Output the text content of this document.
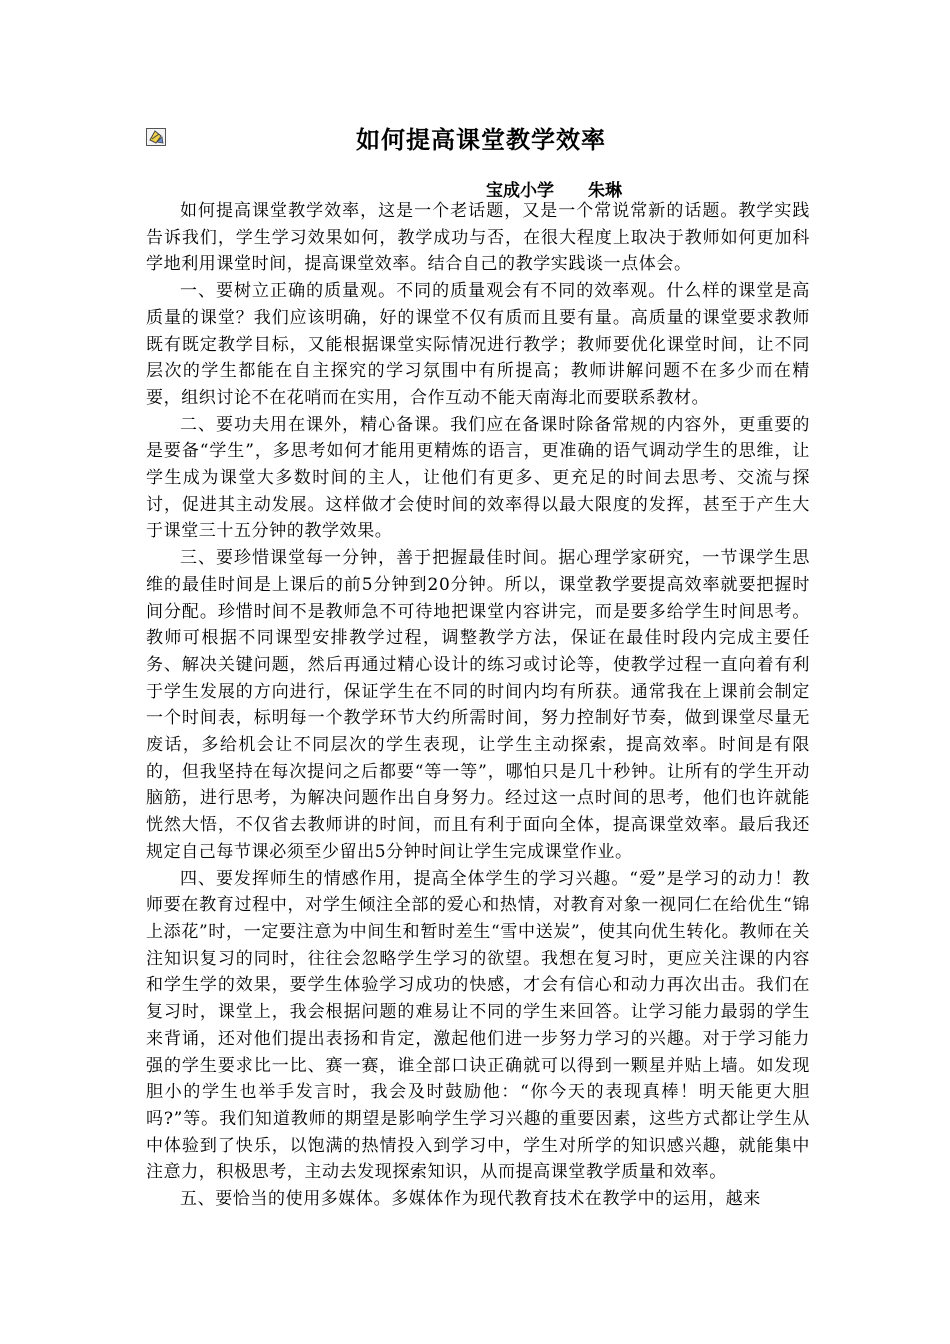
如何提高课堂教学效率
宝成小学　　朱琳

如何提高课堂教学效率，这是一个老话题，又是一个常说常新的话题。教学实践告诉我们，学生学习效果如何，教学成功与否，在很大程度上取决于教师如何更加科学地利用课堂时间，提高课堂效率。结合自己的教学实践谈一点体会。

一、要树立正确的质量观。不同的质量观会有不同的效率观。什么样的课堂是高质量的课堂？我们应该明确，好的课堂不仅有质而且要有量。高质量的课堂要求教师既有既定教学目标，又能根据课堂实际情况进行教学；教师要优化课堂时间，让不同层次的学生都能在自主探究的学习氛围中有所提高；教师讲解问题不在多少而在精要，组织讨论不在花哨而在实用，合作互动不能天南海北而要联系教材。

二、要功夫用在课外，精心备课。我们应在备课时除备常规的内容外，更重要的是要备“学生”，多思考如何才能用更精炼的语言，更准确的语气调动学生的思维，让学生成为课堂大多数时间的主人，让他们有更多、更充足的时间去思考、交流与探讨，促进其主动发展。这样做才会使时间的效率得以最大限度的发挥，甚至于产生大于课堂三十五分钟的教学效果。

三、要珍惜课堂每一分钟，善于把握最佳时间。据心理学家研究，一节课学生思维的最佳时间是上课后的前5分钟到20分钟。所以，课堂教学要提高效率就要把握时间分配。珍惜时间不是教师急不可待地把课堂内容讲完，而是要多给学生时间思考。教师可根据不同课型安排教学过程，调整教学方法，保证在最佳时段内完成主要任务、解决关键问题，然后再通过精心设计的练习或讨论等，使教学过程一直向着有利于学生发展的方向进行，保证学生在不同的时间内均有所获。通常我在上课前会制定一个时间表，标明每一个教学环节大约所需时间，努力控制好节奏，做到课堂尽量无废话，多给机会让不同层次的学生表现，让学生主动探索，提高效率。时间是有限的，但我坚持在每次提问之后都要“等一等”，哪怕只是几十秒钟。让所有的学生开动脑筋，进行思考，为解决问题作出自身努力。经过这一点时间的思考，他们也许就能恍然大悟，不仅省去教师讲的时间，而且有利于面向全体，提高课堂效率。最后我还规定自己每节课必须至少留出5分钟时间让学生完成课堂作业。

四、要发挥师生的情感作用，提高全体学生的学习兴趣。“爱”是学习的动力！教师要在教育过程中，对学生倾注全部的爱心和热情，对教育对象一视同仁在给优生“锦上添花”时，一定要注意为中间生和暂时差生“雪中送炭”，使其向优生转化。教师在关注知识复习的同时，往往会忽略学生学习的欲望。我想在复习时，更应关注课的内容和学生学的效果，要学生体验学习成功的快感，才会有信心和动力再次出击。我们在复习时，课堂上，我会根据问题的难易让不同的学生来回答。让学习能力最弱的学生来背诵，还对他们提出表扬和肯定，激起他们进一步努力学习的兴趣。对于学习能力强的学生要求比一比、赛一赛，谁全部口诀正确就可以得到一颗星并贴上墙。如发现胆小的学生也举手发言时，我会及时鼓励他：“你今天的表现真棒！明天能更大胆吗?”等。我们知道教师的期望是影响学生学习兴趣的重要因素，这些方式都让学生从中体验到了快乐，以饱满的热情投入到学习中，学生对所学的知识感兴趣，就能集中注意力，积极思考，主动去发现探索知识，从而提高课堂教学质量和效率。

五、要恰当的使用多媒体。多媒体作为现代教育技术在教学中的运用，越来
